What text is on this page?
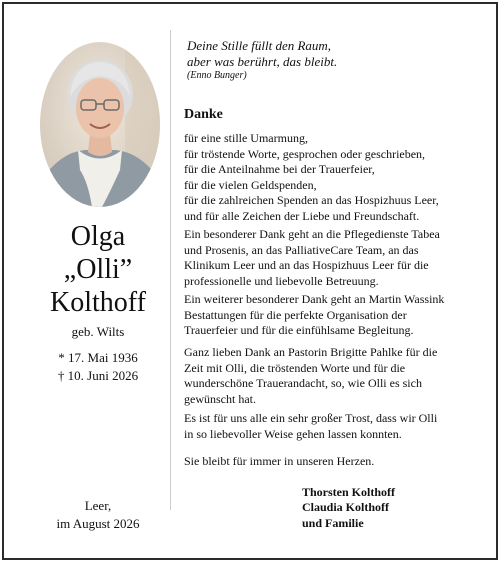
Olga
„Olli”
Kolthoff
geb. Wilts
* 17. Mai 1936
† 10. Juni 2026
Leer,
im August 2026
Deine Stille füllt den Raum,
aber was berührt, das bleibt.
(Enno Bunger)
Danke
für eine stille Umarmung,
für tröstende Worte, gesprochen oder geschrieben,
für die Anteilnahme bei der Trauerfeier,
für die vielen Geldspenden,
für die zahlreichen Spenden an das Hospizhuus Leer,
und für alle Zeichen der Liebe und Freundschaft.
Ein besonderer Dank geht an die Pflegedienste Tabea
und Prosenis, an das PalliativeCare Team, an das
Klinikum Leer und an das Hospizhuus Leer für die
professionelle und liebevolle Betreuung.
Ein weiterer besonderer Dank geht an Martin Wassink
Bestattungen für die perfekte Organisation der
Trauerfeier und für die einfühlsame Begleitung.
Ganz lieben Dank an Pastorin Brigitte Pahlke für die
Zeit mit Olli, die tröstenden Worte und für die
wunderschöne Trauerandacht, so, wie Olli es sich
gewünscht hat.
Es ist für uns alle ein sehr großer Trost, dass wir Olli
in so liebevoller Weise gehen lassen konnten.
Sie bleibt für immer in unseren Herzen.
Thorsten Kolthoff
Claudia Kolthoff
und Familie
